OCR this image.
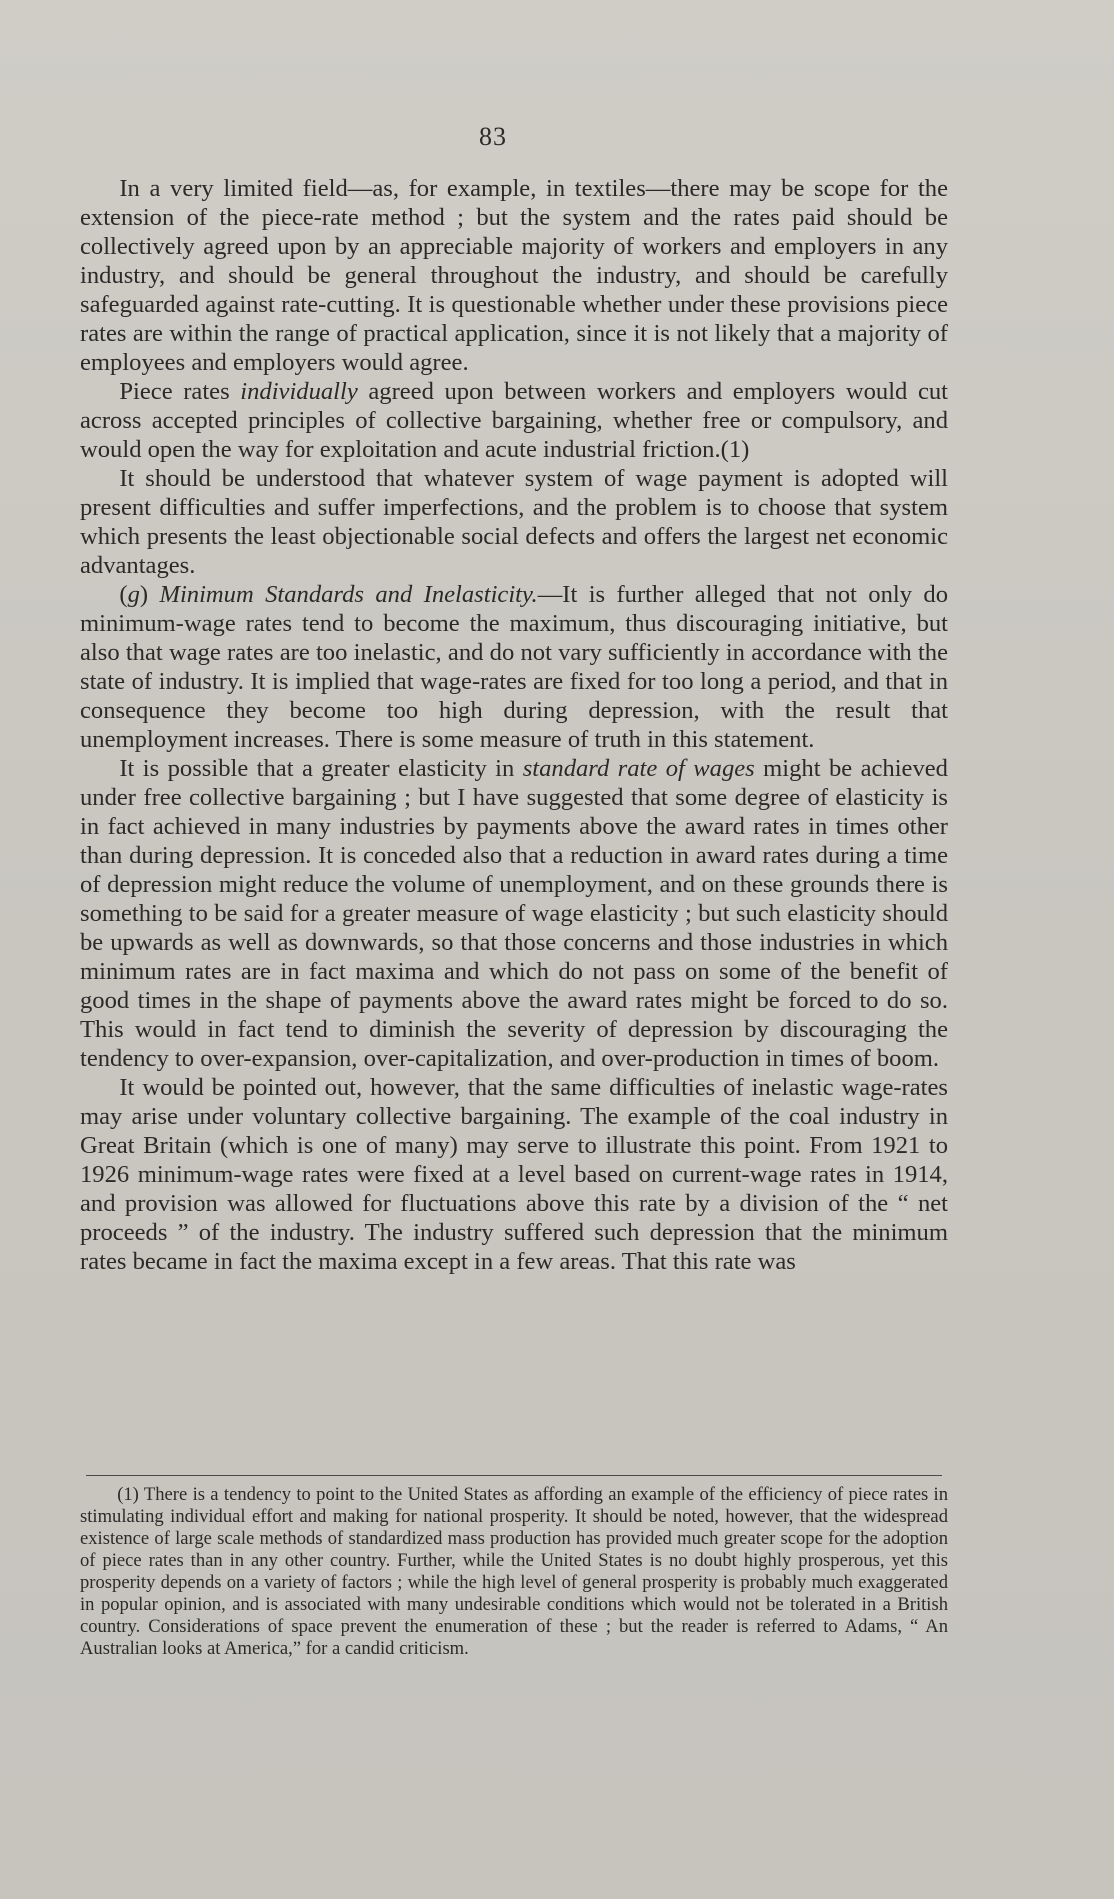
83

In a very limited field—as, for example, in textiles—there may be scope for the extension of the piece-rate method ; but the system and the rates paid should be collectively agreed upon by an appreciable majority of workers and employers in any industry, and should be general throughout the industry, and should be carefully safeguarded against rate-cutting. It is questionable whether under these provisions piece rates are within the range of practical application, since it is not likely that a majority of employees and employers would agree.

Piece rates individually agreed upon between workers and employers would cut across accepted principles of collective bargaining, whether free or compulsory, and would open the way for exploitation and acute industrial friction.(1)

It should be understood that whatever system of wage payment is adopted will present difficulties and suffer imperfections, and the problem is to choose that system which presents the least objectionable social defects and offers the largest net economic advantages.

(g) Minimum Standards and Inelasticity.—It is further alleged that not only do minimum-wage rates tend to become the maximum, thus discouraging initiative, but also that wage rates are too inelastic, and do not vary sufficiently in accordance with the state of industry. It is implied that wage-rates are fixed for too long a period, and that in consequence they become too high during depression, with the result that unemployment increases. There is some measure of truth in this statement.

It is possible that a greater elasticity in standard rate of wages might be achieved under free collective bargaining ; but I have suggested that some degree of elasticity is in fact achieved in many industries by payments above the award rates in times other than during depression. It is conceded also that a reduction in award rates during a time of depression might reduce the volume of unemployment, and on these grounds there is something to be said for a greater measure of wage elasticity ; but such elasticity should be upwards as well as downwards, so that those concerns and those industries in which minimum rates are in fact maxima and which do not pass on some of the benefit of good times in the shape of payments above the award rates might be forced to do so. This would in fact tend to diminish the severity of depression by discouraging the tendency to over-expansion, over-capitalization, and over-production in times of boom.

It would be pointed out, however, that the same difficulties of inelastic wage-rates may arise under voluntary collective bargaining. The example of the coal industry in Great Britain (which is one of many) may serve to illustrate this point. From 1921 to 1926 minimum-wage rates were fixed at a level based on current-wage rates in 1914, and provision was allowed for fluctuations above this rate by a division of the “ net proceeds ” of the industry. The industry suffered such depression that the minimum rates became in fact the maxima except in a few areas. That this rate was

(1) There is a tendency to point to the United States as affording an example of the efficiency of piece rates in stimulating individual effort and making for national prosperity. It should be noted, however, that the widespread existence of large scale methods of standardized mass production has provided much greater scope for the adoption of piece rates than in any other country. Further, while the United States is no doubt highly prosperous, yet this prosperity depends on a variety of factors ; while the high level of general prosperity is probably much exaggerated in popular opinion, and is associated with many undesirable conditions which would not be tolerated in a British country. Considerations of space prevent the enumeration of these ; but the reader is referred to Adams, “ An Australian looks at America,” for a candid criticism.
